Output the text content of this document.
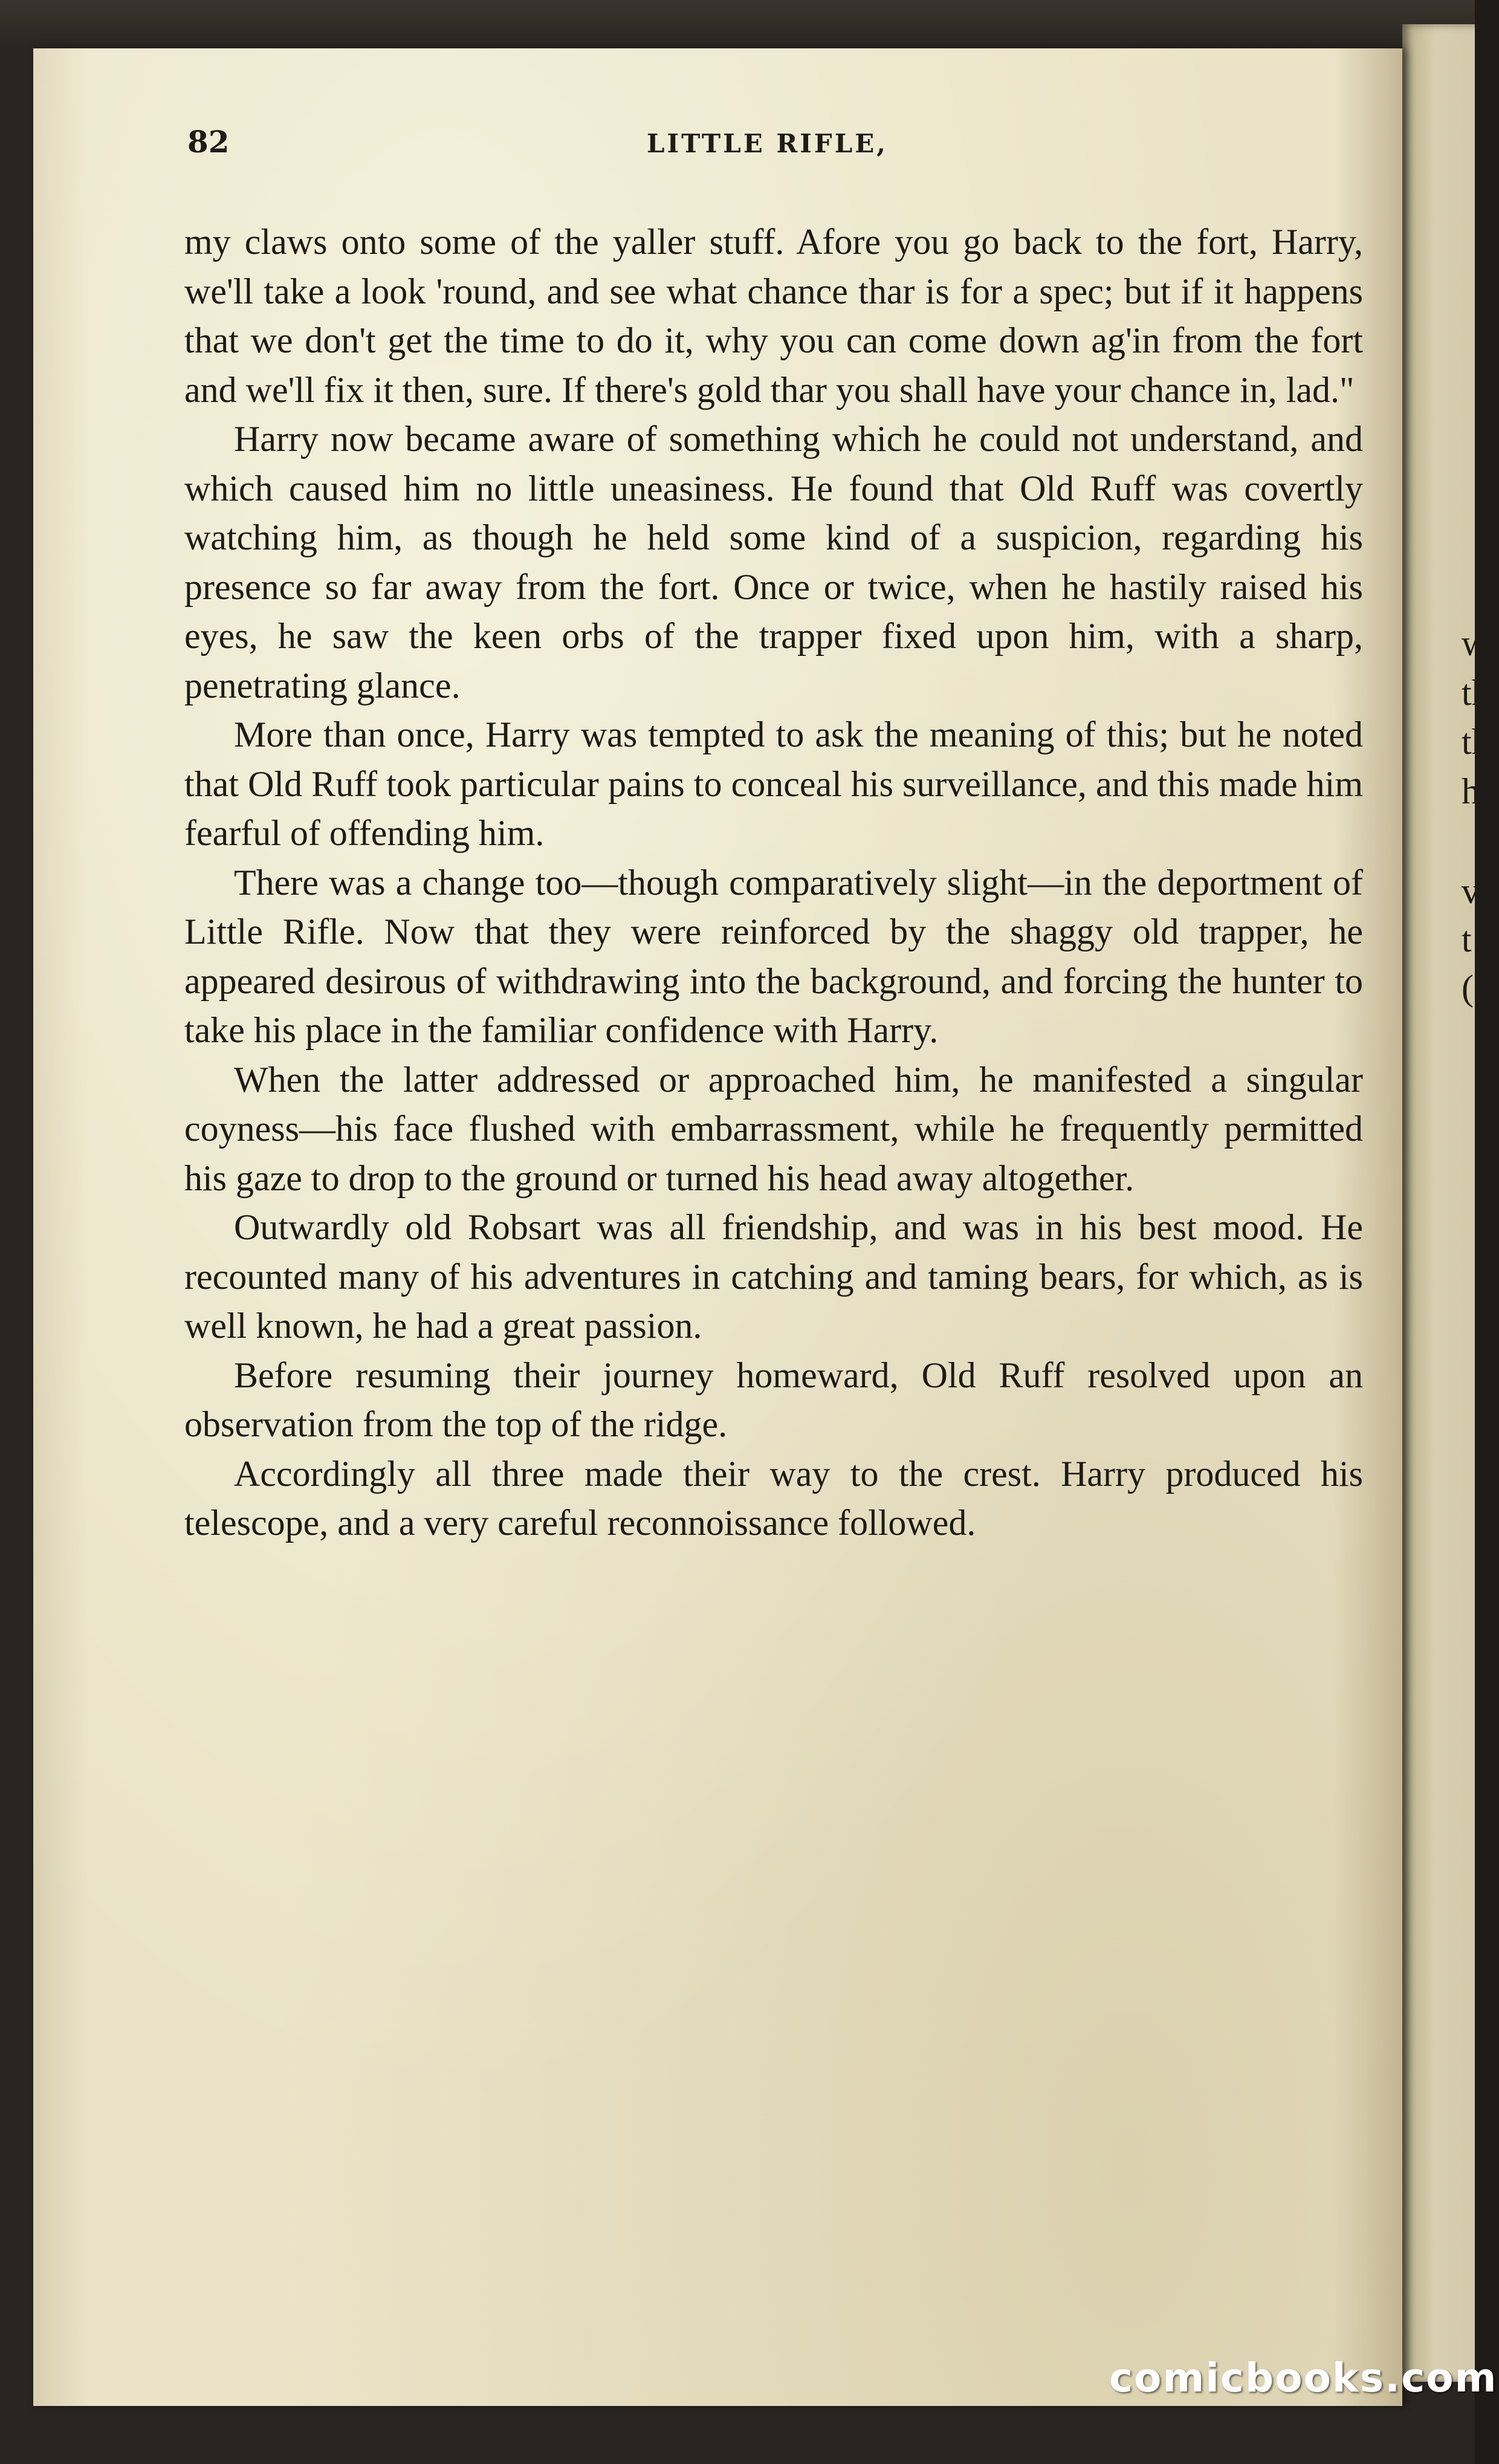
w
th
th
h
v
t
(
82	LITTLE RIFLE,

my claws onto some of the yaller stuff. Afore you go back to the fort, Harry, we'll take a look 'round, and see what chance thar is for a spec; but if it happens that we don't get the time to do it, why you can come down ag'in from the fort and we'll fix it then, sure. If there's gold thar you shall have your chance in, lad."

Harry now became aware of something which he could not understand, and which caused him no little uneasiness. He found that Old Ruff was covertly watching him, as though he held some kind of a suspicion, regarding his presence so far away from the fort. Once or twice, when he hastily raised his eyes, he saw the keen orbs of the trapper fixed upon him, with a sharp, penetrating glance.

More than once, Harry was tempted to ask the meaning of this; but he noted that Old Ruff took particular pains to conceal his surveillance, and this made him fearful of offending him.

There was a change too—though comparatively slight—in the deportment of Little Rifle. Now that they were reinforced by the shaggy old trapper, he appeared desirous of withdrawing into the background, and forcing the hunter to take his place in the familiar confidence with Harry.

When the latter addressed or approached him, he manifested a singular coyness—his face flushed with embarrassment, while he frequently permitted his gaze to drop to the ground or turned his head away altogether.

Outwardly old Robsart was all friendship, and was in his best mood. He recounted many of his adventures in catching and taming bears, for which, as is well known, he had a great passion.

Before resuming their journey homeward, Old Ruff resolved upon an observation from the top of the ridge.

Accordingly all three made their way to the crest. Harry produced his telescope, and a very careful reconnoissance followed.

comicbooks.com
